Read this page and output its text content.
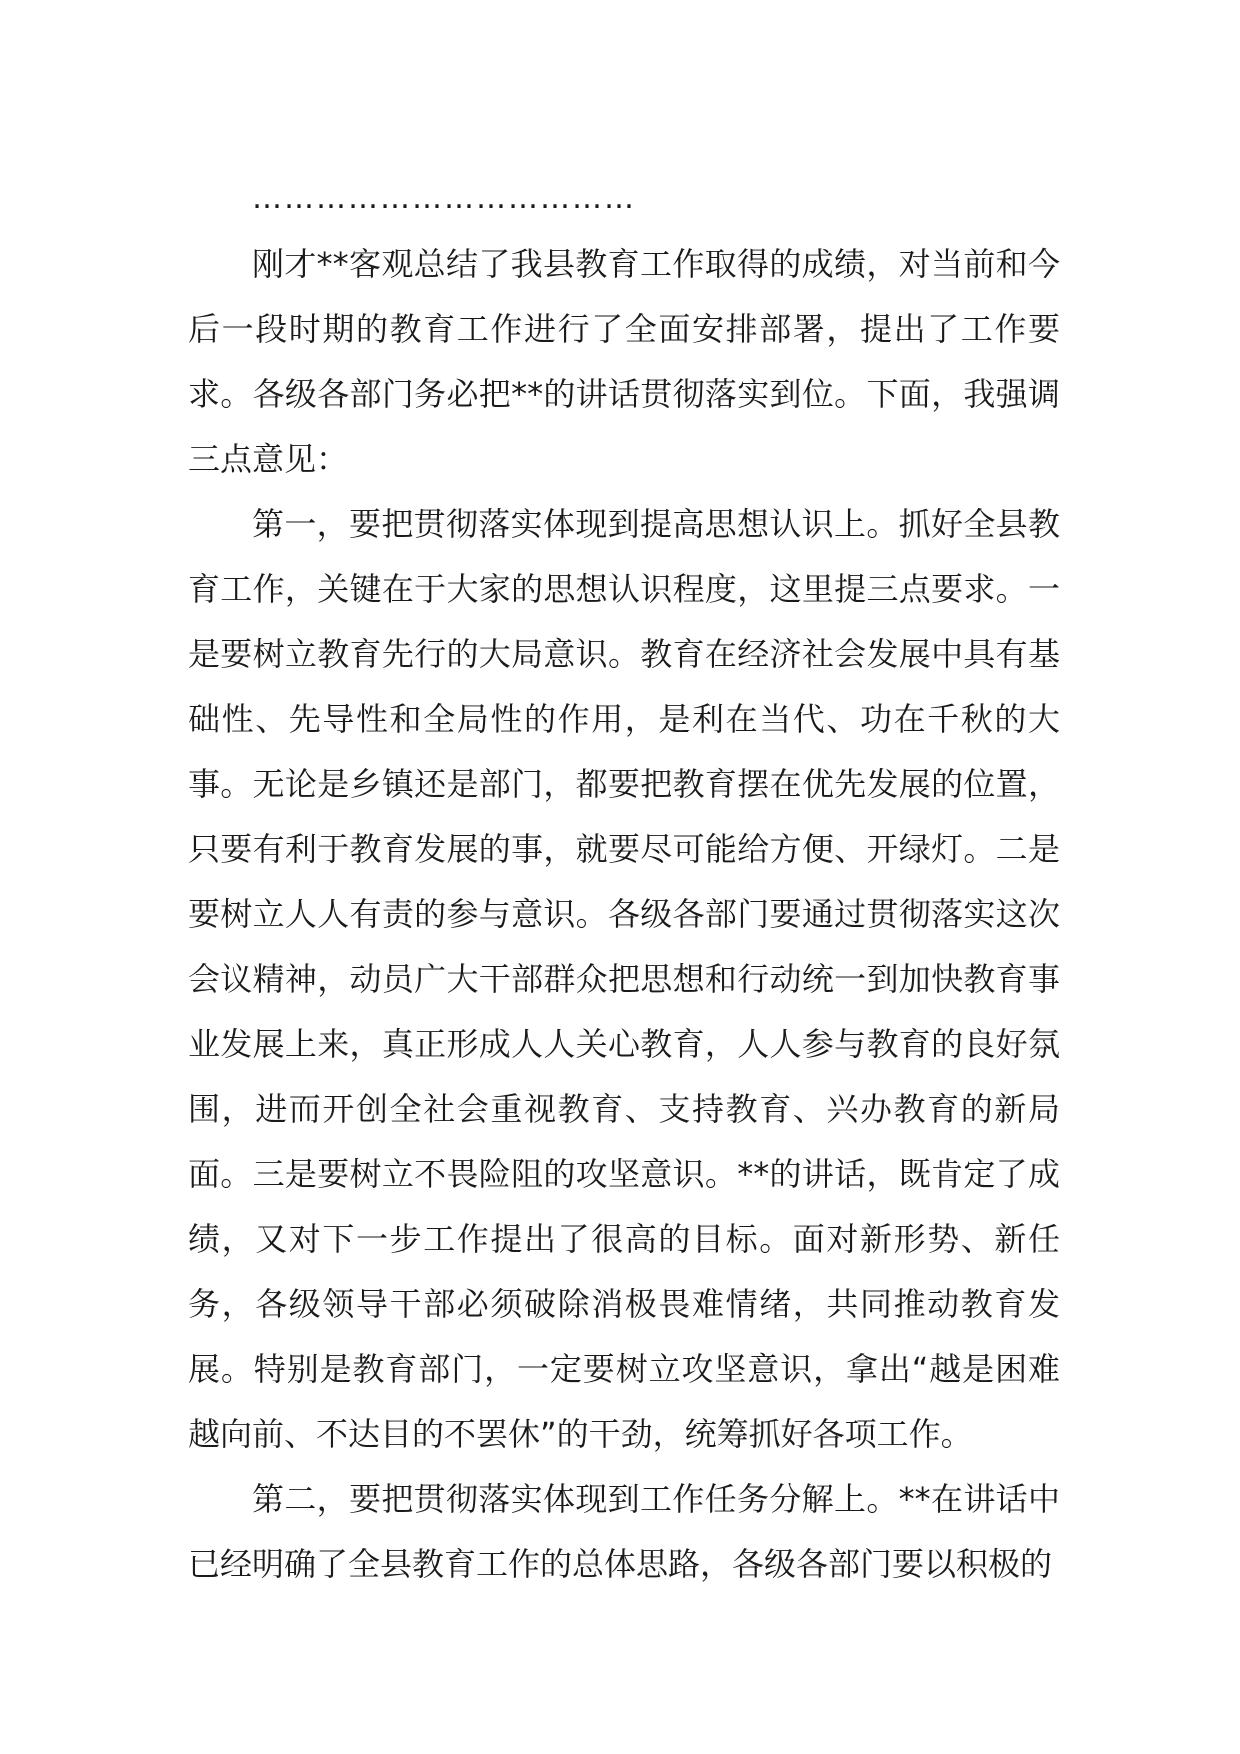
………………………………

刚才**客观总结了我县教育工作取得的成绩，对当前和今后一段时期的教育工作进行了全面安排部署，提出了工作要求。各级各部门务必把**的讲话贯彻落实到位。下面，我强调三点意见：

第一，要把贯彻落实体现到提高思想认识上。抓好全县教育工作，关键在于大家的思想认识程度，这里提三点要求。一是要树立教育先行的大局意识。教育在经济社会发展中具有基础性、先导性和全局性的作用，是利在当代、功在千秋的大事。无论是乡镇还是部门，都要把教育摆在优先发展的位置，只要有利于教育发展的事，就要尽可能给方便、开绿灯。二是要树立人人有责的参与意识。各级各部门要通过贯彻落实这次会议精神，动员广大干部群众把思想和行动统一到加快教育事业发展上来，真正形成人人关心教育，人人参与教育的良好氛围，进而开创全社会重视教育、支持教育、兴办教育的新局面。三是要树立不畏险阻的攻坚意识。**的讲话，既肯定了成绩，又对下一步工作提出了很高的目标。面对新形势、新任务，各级领导干部必须破除消极畏难情绪，共同推动教育发展。特别是教育部门，一定要树立攻坚意识，拿出“越是困难越向前、不达目的不罢休”的干劲，统筹抓好各项工作。

第二，要把贯彻落实体现到工作任务分解上。**在讲话中已经明确了全县教育工作的总体思路，各级各部门要以积极的
